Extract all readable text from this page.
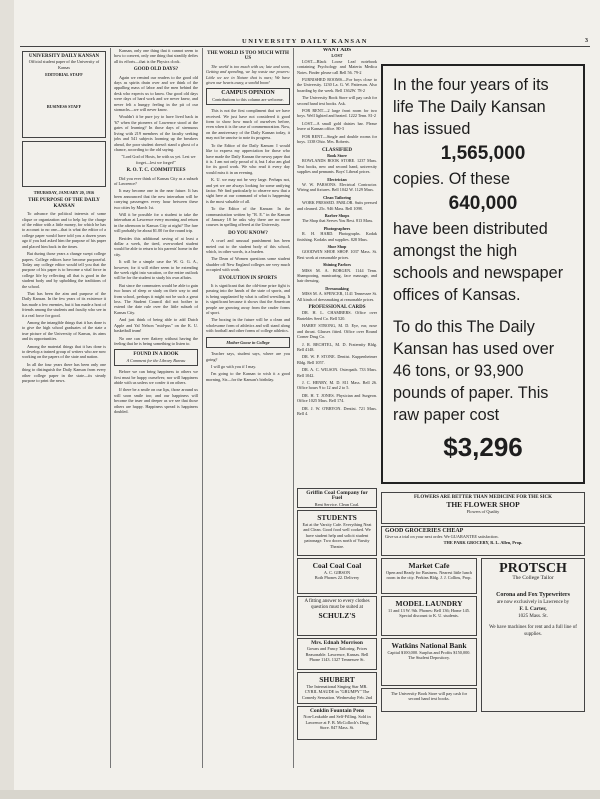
UNIVERSITY DAILY KANSAN	3
UNIVERSITY DAILY KANSAN
Official student paper of the University of Kansas
EDITORIAL STAFF
BUSINESS STAFF
THURSDAY, JANUARY 20, 1916
THE PURPOSE OF THE DAILY KANSAN

To advance the political interests of some clique or organization and to help lay the charge of the editor with a little money, for which he has to account to no one—that is what the editor of a college paper would have told you a dozen years ago if you had asked him the purpose of his paper and placed him back in the times.

But during those years a change swept college papers. College editors have become purposeful. Today any college editor would tell you that the purpose of his paper is to become a vital force in college life by reflecting all that is good in the student body and by upholding the traditions of the school.

That has been the aim and purpose of the Daily Kansan. In the few years of its existence it has made a few enemies, but it has made a host of friends among the students and faculty who see in it a real force for good.

Among the intangible things that it has done is to give the high school graduates of the state a true picture of the University of Kansas, its aims and its opportunities.

Among the material things that it has done is to develop a trained group of writers who are now working on the papers of the state and nation.

In all the four years there has been only one thing to distinguish the Daily Kansan from every other college paper in the state—its steady purpose to print the news.

Kansan, only one thing that it cannot seem to bow to convert, only one thing that steadily defies all its efforts—that is the Physics clock.

GOOD OLD DAYS?

Again we remind our readers to the good old days as spirits drain over and we think of the appalling mass of labor and the men behind the desk who expects us to know. Our good old days were days of hard work and we never knew, and never felt a hungry feeling in the pit of our stomachs—we will never know.

Wouldn't it be pure joy to have lived back in '67 when the pioneers of Lawrence stood at the gates of learning? In those days of strenuous living with 219 members of the faculty seeking jobs and 541 subjects looming up the breakers ahead, the poor student doesn't stand a ghost of a chance, according to the old saying.

"Lord God of Hosts, be with us yet. Lest we forget—lest we forget!"

R. O. T. C. COMMITTEES

Did you ever think of Kansas City as a suburb of Lawrence?

It may become one in the near future. It has been announced that the new interurban will be carrying passengers every hour between these two cities by March 1st.

Will it be possible for a student to take the interurban at Lawrence every morning and return in the afternoon to Kansas City at night? The fare will probably be about $1.00 for the round trip.

Besides this additional saving of at least a dollar a week, the tired, overworked student would be able to return to his parents' home in the city.

It will be a simple case the W. G. G. A., however, for it will either seem to be extending the week right into vacation, or the entire outlook will be for the student to study his own affairs.

But since the commuters would be able to gain two hours of sleep or study on their way to and from school, perhaps it might not be such a great loss. The Student Council did not bother to extend the date rule over the little suburb of Kansas City.

And just think of being able to add Dutch Apple and Yal Nelson "mid-pus" on the K. U. basketball team!

No one can ever flattery without having the feeling that he is being something to listen to.

FOUND IN A BOOK
A Comment for the Library Bureau

Before we can bring happiness to others we first must be happy ourselves; nor will happiness abide with us unless we confer it on others.

If there be a smile on our lips, those around us will soon smile too; and our happiness will become the truer and deeper as we see that those others are happy. Happiness spread is happiness doubled.

THE WORLD IS TOO MUCH WITH US

The world is too much with us; late and soon, Getting and spending, we lay waste our powers: Little we see in Nature that is ours; We have given our hearts away, a sordid boon!

CAMPUS OPINION
Contributions to this column are welcome.

This is not the first compliment that we have received. We just have not considered it good form to show how much of ourselves before, even when it is the case of commemoration. Now, on the anniversary of the Daily Kansan today, it may not be unwise to note its progress.

To the Editor of the Daily Kansan: I would like to express my appreciation for those who have made the Daily Kansan the newsy paper that it is. I am not only proud of it, but I also am glad for its good work. We who read it every day would miss it in an evening.

K. U. we may not be very large. Perhaps not, and yet we are always looking for some unifying factor. We find particularly to observe now that a sight here at our command of what is happening is the most valuable of all.

To the Editor of the Kansan: In the communication written by "R. E." in the Kansan of January 18 he asks why there are no more courses in spelling offered at the University.

DO YOU KNOW?

A cruel and unusual punishment has been meted out to the student body of this school, which, in other words, is a burden.

The Dean of Women questions some student shudder off New England colleges are very much occupied with work.

EVOLUTION IN SPORTS

It is significant that the old-time prize fight is passing into the hands of the state of sports, and is being supplanted by what is called wrestling. It is significant because it shows that the American people are growing away from the cruder forms of sport.

The boxing in the future will be a clean and wholesome form of athletics and will stand along with football and other forms of college athletics.

Mother Goose in College

Teacher says, student says, where are you going?

I will go with you if I may.

I'm going to the Kansan to wish it a good morning, Sir—for the Kansan's birthday.

WANT ADS
LOST

LOST—Black Loose Leaf notebook containing Psychology and Materia Medica Notes. Finder please call Bell 56. 79-2

FURNISHED ROOMS—For boys close to the University. 1230 La. G. W. Patterson. Also boarding by the week. Bell 1362W. 78-2

The University Book Store will pay cash for second hand text books. Ask.

FOR RENT—2 large front room for two boys. Well lighted and heated. 1222 Tenn. 81-2

LOST—A small gold daisies bar. Please leave at Kansan office. 80-3

FOR RENT—Single and double rooms for boys. 1338 Ohio. Mrs. Roberts.

CLASSIFIED
Book Store

ROWLANDS BOOK STORE. 1237 Mass. Text books, new and second hand, university supplies and pennants. Boys' Liberal prices.

Electrician

W. W. PARSONS. Electrical Contractor. Wiring and fixtures. Bell 1042 W. 1129 Mass.

Clean Tailoring

WORK PRESSED. PARLOR. Suits pressed and cleaned. 25c. 946 Mass. Bell 1098.

Barber Shops

The Shop that Serves You Best. 813 Mass.

Photographers

R. H. HARD. Photographs. Kodak finishing. Kodaks and supplies. 828 Mass.

Shoe Shop

GOODWIN SHOE SHOP. 1037 Mass. St. Best work at reasonable prices.

Shining Parlors

MISS M. A. BORGEN. 1144 Tenn. Shampooing, manicuring, face massage, and hair dressing.

Dressmaking

MISS M. A. SPENCER, 1141 Tennessee St. All kinds of dressmaking at reasonable prices.

PROFESSIONAL CARDS

DR. H. L. CHAMBERS. Office over Barteldes Seed Co. Bell 520.

HARRY STRONG, M. D. Eye, ear, nose and throat. Glasses fitted. Office over Round Corner Drug Co.

J. R. BECHTEL, M. D. Fraternity Bldg. Bell 4148.

DR. W. P. STONE. Dentist. Kuppenheimer Bldg. Bell 1057.

DR. A. C. WILSON. Osteopath. 733 Mass. Bell 1042.

J. C. HENRY, M. D. 811 Mass. Bell 26. Office hours 9 to 12 and 2 to 5.

DR. H. T. JONES. Physician and Surgeon. Office 1025 Mass. Bell 174.

DR. J. W. O'BRYON. Dentist. 721 Mass. Bell 4.

In the four years of its life The Daily Kansan has issued

1,565,000

copies. Of these

640,000

have been distributed amongst the high schools and newspaper offices of Kansas.

To do this The Daily Kansan has used over 46 tons, or 93,900 pounds of paper. This raw paper cost

$3,296
Griffin Coal Company for Fuel
Rent Service. Clean Coal.
STUDENTS
Eat at the Varsity Cafe. Everything Neat and Clean. Good food well cooked. We have student help and solicit student patronage. Two doors north of Varsity Theatre.
Coal Coal Coal
A. C. GIBSON
Both Phones 22. Delivery
A fitting answer to every clothes question must be suited at
SCHULZ'S
Mrs. Ednah Morrison
Gowns and Fancy Tailoring. Prices Reasonable. Lawrence, Kansas. Bell Phone 1143. 1327 Tennessee St.
SHUBERT
The International Singing Star MR. CYRIL MAUDE in "GRUMPY" The Comedy Sensation. Wednesday Feb. 2nd
Conklin Fountain Pens
Non-Leakable and Self-Filling. Sold in Lawrence at F. B. McColloch's Drug Store. 847 Mass. St.
FLOWERS ARE BETTER THAN MEDICINE FOR THE SICK
THE FLOWER SHOP
Flowers of Quality
GOOD GROCERIES CHEAP
Give us a trial on your next order. We GUARANTEE satisfaction.
THE PARK GROCERY, R. L. Allen, Prop.
Market Cafe
Open and Ready for Business. Nearest little lunch room in the city. Perkins Bldg. J. J. Collins, Prop.
MODEL LAUNDRY
11 and 13 W. 9th. Phones: Bell 136; Home 145. Special discount to K. U. students.
Watkins National Bank
Capital $100,000. Surplus and Profits $150,000. The Student Depository.
The University Book Store will pay cash for second hand text books.
PROTSCH
The College Tailor
Corona and Fox Typewriters
are now exclusively in Lawrence by
F. I. Carter,
1025 Mass. St.
We have machines for rent and a full line of supplies.
